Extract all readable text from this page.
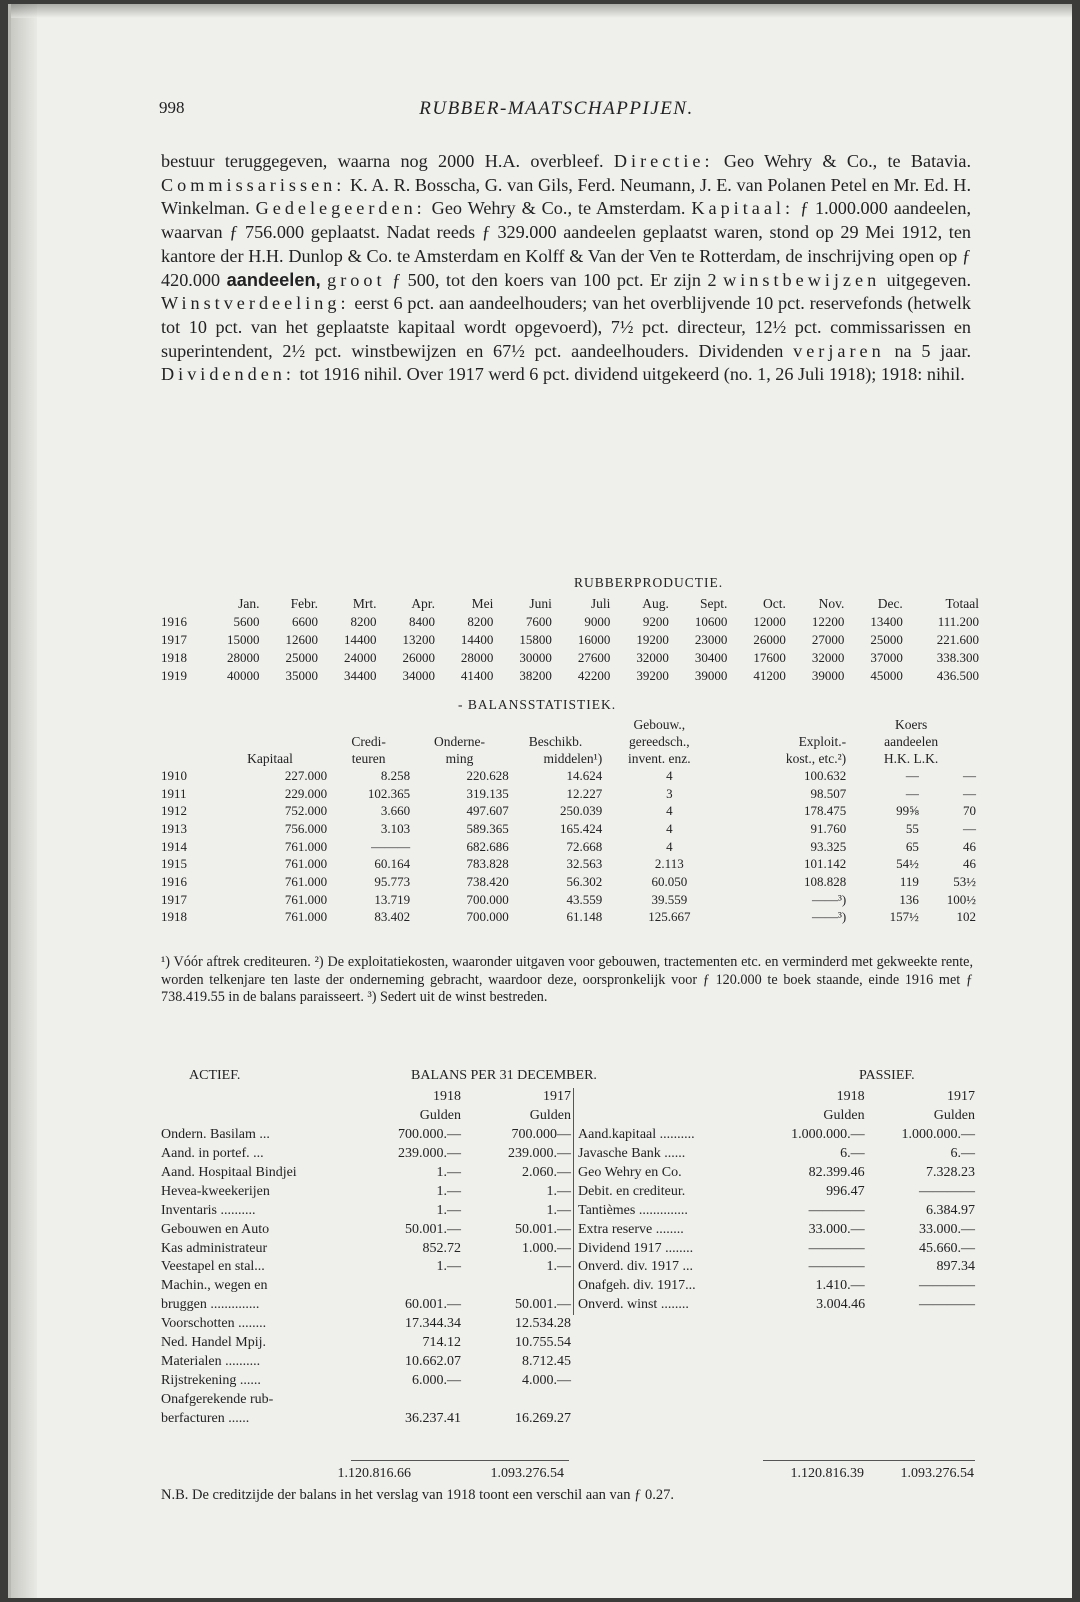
998	RUBBER-MAATSCHAPPIJEN.

bestuur teruggegeven, waarna nog 2000 H.A. overbleef. Directie: Geo Wehry & Co., te Batavia. Commissarissen: K. A. R. Bosscha, G. van Gils, Ferd. Neumann, J. E. van Polanen Petel en Mr. Ed. H. Winkelman. Gedelegeerden: Geo Wehry & Co., te Amsterdam. Kapitaal: ƒ 1.000.000 aandeelen, waarvan ƒ 756.000 geplaatst. Nadat reeds ƒ 329.000 aandeelen geplaatst waren, stond op 29 Mei 1912, ten kantore der H.H. Dunlop & Co. te Amsterdam en Kolff & Van der Ven te Rotterdam, de inschrijving open op ƒ 420.000 aandeelen, groot ƒ 500, tot den koers van 100 pct. Er zijn 2 winstbewijzen uitgegeven. Winstverdeeling: eerst 6 pct. aan aandeelhouders; van het overblijvende 10 pct. reservefonds (hetwelk tot 10 pct. van het geplaatste kapitaal wordt opgevoerd), 7½ pct. directeur, 12½ pct. commissarissen en superintendent, 2½ pct. winstbewijzen en 67½ pct. aandeelhouders. Dividenden verjaren na 5 jaar. Dividenden: tot 1916 nihil. Over 1917 werd 6 pct. dividend uitgekeerd (no. 1, 26 Juli 1918); 1918: nihil.

RUBBERPRODUCTIE.
	Jan.	Febr.	Mrt.	Apr.	Mei	Juni	Juli	Aug.	Sept.	Oct.	Nov.	Dec.	Totaal
1916	5600	6600	8200	8400	8200	7600	9000	9200	10600	12000	12200	13400	111.200
1917	15000	12600	14400	13200	14400	15800	16000	19200	23000	26000	27000	25000	221.600
1918	28000	25000	24000	26000	28000	30000	27600	32000	30400	17600	32000	37000	338.300
1919	40000	35000	34400	34000	41400	38200	42200	39200	39000	41200	39000	45000	436.500
- BALANSSTATISTIEK.
					Gebouw.,		Koers	
		Credi-	Onderne-	Beschikb.	gereedsch.,	Exploit.-	aandeelen	
	Kapitaal	teuren	ming	middelen¹)	invent. enz.	kost., etc.²)	H.K. L.K.	
1910	227.000	8.258	220.628	14.624	4	100.632	—	—
1911	229.000	102.365	319.135	12.227	3	98.507	—	—
1912	752.000	3.660	497.607	250.039	4	178.475	99⅝	70
1913	756.000	3.103	589.365	165.424	4	91.760	55	—
1914	761.000	———	682.686	72.668	4	93.325	65	46
1915	761.000	60.164	783.828	32.563	2.113	101.142	54½	46
1916	761.000	95.773	738.420	56.302	60.050	108.828	119	53½
1917	761.000	13.719	700.000	43.559	39.559	——³)	136	100½
1918	761.000	83.402	700.000	61.148	125.667	——³)	157½	102

¹) Vóór aftrek crediteuren. ²) De exploitatiekosten, waaronder uitgaven voor gebouwen, tractementen etc. en verminderd met gekweekte rente, worden telkenjare ten laste der onderneming gebracht, waardoor deze, oorspronkelijk voor ƒ 120.000 te boek staande, einde 1916 met ƒ 738.419.55 in de balans paraisseert. ³) Sedert uit de winst bestreden.

ACTIEF.	BALANS PER 31 DECEMBER.	PASSIEF.
	1918	1917
	Gulden	Gulden
Ondern. Basilam ...	700.000.—	700.000—
Aand. in portef. ...	239.000.—	239.000.—
Aand. Hospitaal Bindjei	1.—	2.060.—
Hevea-kweekerijen	1.—	1.—
Inventaris ..........	1.—	1.—
Gebouwen en Auto	50.001.—	50.001.—
Kas administrateur	852.72	1.000.—
Veestapel en stal...	1.—	1.—
Machin., wegen en		
bruggen ..............	60.001.—	50.001.—
Voorschotten ........	17.344.34	12.534.28
Ned. Handel Mpij.	714.12	10.755.54
Materialen ..........	10.662.07	8.712.45
Rijstrekening ......	6.000.—	4.000.—
Onafgerekende rub-		
berfacturen ......	36.237.41	16.269.27
	1918	1917
	Gulden	Gulden
Aand.kapitaal ..........	1.000.000.—	1.000.000.—
Javasche Bank ......	6.—	6.—
Geo Wehry en Co.	82.399.46	7.328.23
Debit. en crediteur.	996.47	————
Tantièmes ..............	————	6.384.97
Extra reserve ........	33.000.—	33.000.—
Dividend 1917 ........	————	45.660.—
Onverd. div. 1917 ...	————	897.34
Onafgeh. div. 1917...	1.410.—	————
Onverd. winst ........	3.004.46	————
1.120.816.66	1.093.276.54	1.120.816.39	1.093.276.54

N.B. De creditzijde der balans in het verslag van 1918 toont een verschil aan van ƒ 0.27.
